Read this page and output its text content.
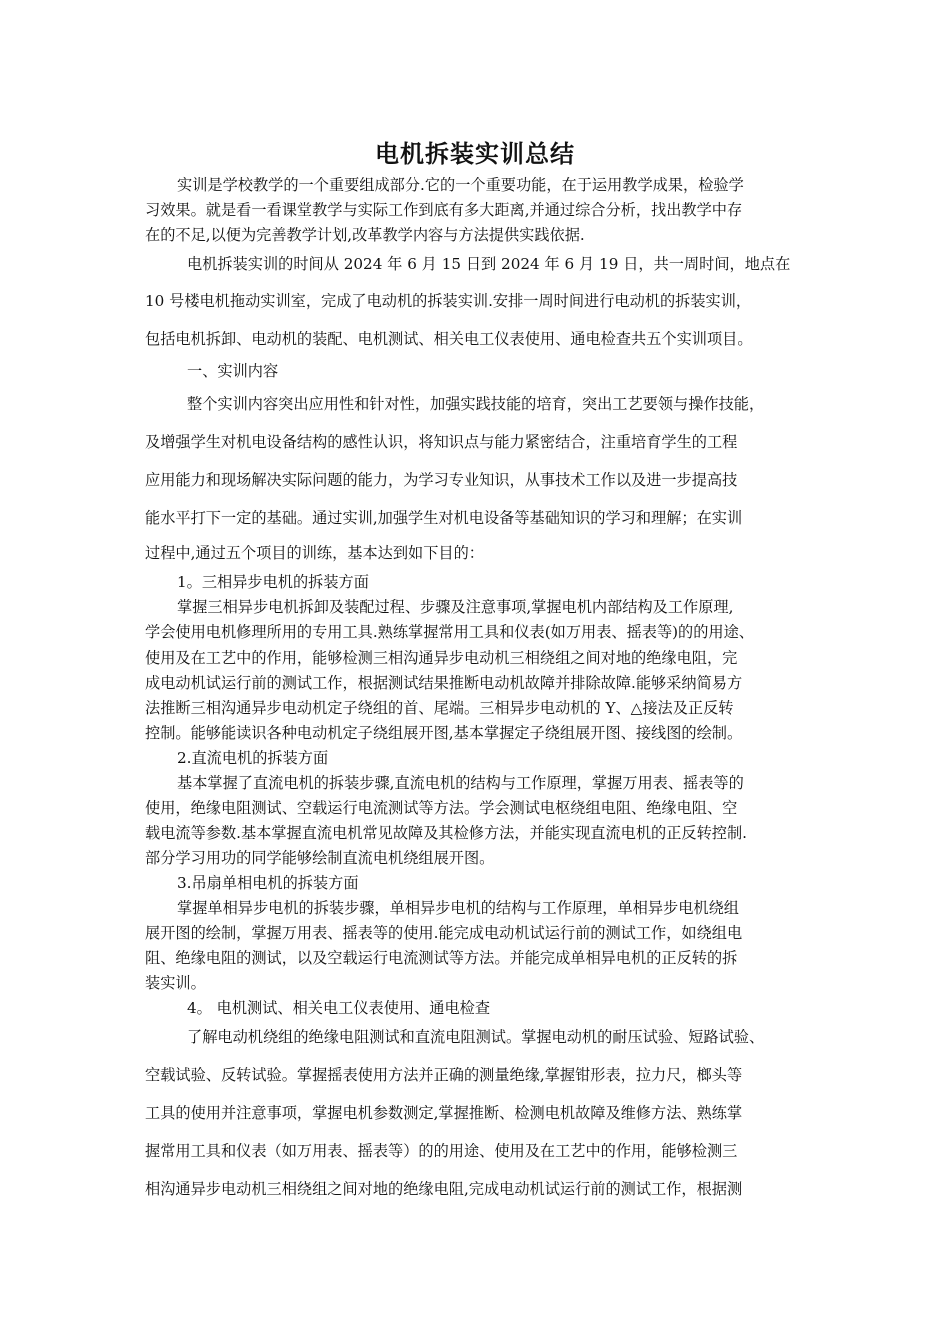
电机拆装实训总结
实训是学校教学的一个重要组成部分.它的一个重要功能，在于运用教学成果，检验学
习效果。就是看一看课堂教学与实际工作到底有多大距离,并通过综合分析，找出教学中存
在的不足,以便为完善教学计划,改革教学内容与方法提供实践依据.
电机拆装实训的时间从 2024 年 6 月 15 日到 2024 年 6 月 19 日，共一周时间，地点在
10 号楼电机拖动实训室，完成了电动机的拆装实训.安排一周时间进行电动机的拆装实训，
包括电机拆卸、电动机的装配、电机测试、相关电工仪表使用、通电检查共五个实训项目。
一、实训内容
整个实训内容突出应用性和针对性，加强实践技能的培育，突出工艺要领与操作技能，
及增强学生对机电设备结构的感性认识，将知识点与能力紧密结合，注重培育学生的工程
应用能力和现场解决实际问题的能力，为学习专业知识，从事技术工作以及进一步提高技
能水平打下一定的基础。通过实训,加强学生对机电设备等基础知识的学习和理解；在实训
过程中,通过五个项目的训练，基本达到如下目的：
1。三相异步电机的拆装方面
掌握三相异步电机拆卸及装配过程、步骤及注意事项,掌握电机内部结构及工作原理,
学会使用电机修理所用的专用工具.熟练掌握常用工具和仪表(如万用表、摇表等)的的用途、
使用及在工艺中的作用，能够检测三相沟通异步电动机三相绕组之间对地的绝缘电阻，完
成电动机试运行前的测试工作，根据测试结果推断电动机故障并排除故障.能够采纳简易方
法推断三相沟通异步电动机定子绕组的首、尾端。三相异步电动机的 Y、△接法及正反转
控制。能够能读识各种电动机定子绕组展开图,基本掌握定子绕组展开图、接线图的绘制。
2.直流电机的拆装方面
基本掌握了直流电机的拆装步骤,直流电机的结构与工作原理，掌握万用表、摇表等的
使用，绝缘电阻测试、空载运行电流测试等方法。学会测试电枢绕组电阻、绝缘电阻、空
载电流等参数.基本掌握直流电机常见故障及其检修方法，并能实现直流电机的正反转控制.
部分学习用功的同学能够绘制直流电机绕组展开图。
3.吊扇单相电机的拆装方面
掌握单相异步电机的拆装步骤，单相异步电机的结构与工作原理，单相异步电机绕组
展开图的绘制，掌握万用表、摇表等的使用.能完成电动机试运行前的测试工作，如绕组电
阻、绝缘电阻的测试，以及空载运行电流测试等方法。并能完成单相异电机的正反转的拆
装实训。
4。 电机测试、相关电工仪表使用、通电检查
了解电动机绕组的绝缘电阻测试和直流电阻测试。掌握电动机的耐压试验、短路试验、
空载试验、反转试验。掌握摇表使用方法并正确的测量绝缘,掌握钳形表，拉力尺，榔头等
工具的使用并注意事项，掌握电机参数测定,掌握推断、检测电机故障及维修方法、熟练掌
握常用工具和仪表（如万用表、摇表等）的的用途、使用及在工艺中的作用，能够检测三
相沟通异步电动机三相绕组之间对地的绝缘电阻,完成电动机试运行前的测试工作，根据测
